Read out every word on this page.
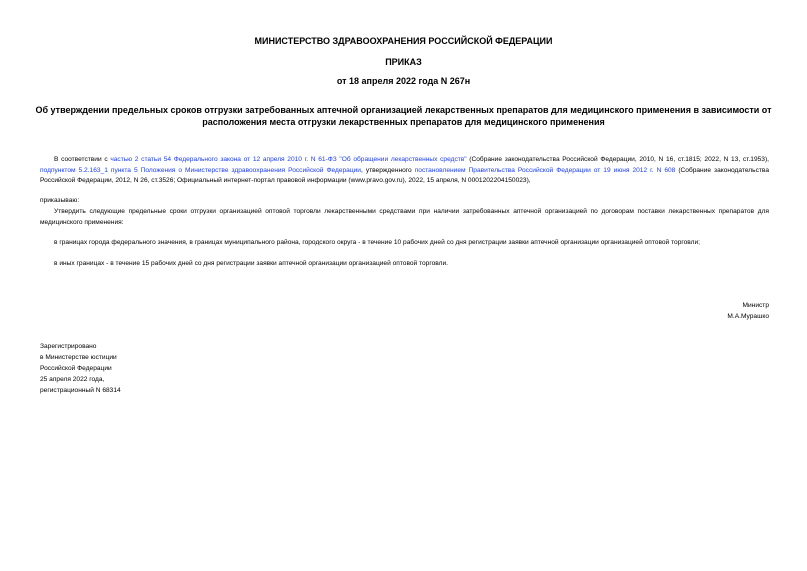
МИНИСТЕРСТВО ЗДРАВООХРАНЕНИЯ РОССИЙСКОЙ ФЕДЕРАЦИИ
ПРИКАЗ
от 18 апреля 2022 года N 267н
Об утверждении предельных сроков отгрузки затребованных аптечной организацией лекарственных препаратов для медицинского применения в зависимости от расположения места отгрузки лекарственных препаратов для медицинского применения
В соответствии с частью 2 статьи 54 Федерального закона от 12 апреля 2010 г. N 61-ФЗ "Об обращении лекарственных средств" (Собрание законодательства Российской Федерации, 2010, N 16, ст.1815; 2022, N 13, ст.1953), подпунктом 5.2.163_1 пункта 5 Положения о Министерстве здравоохранения Российской Федерации, утвержденного постановлением Правительства Российской Федерации от 19 июня 2012 г. N 608 (Собрание законодательства Российской Федерации, 2012, N 26, ст.3526; Официальный интернет-портал правовой информации (www.pravo.gov.ru), 2022, 15 апреля, N 0001202204150023),
приказываю:
Утвердить следующие предельные сроки отгрузки организацией оптовой торговли лекарственными средствами при наличии затребованных аптечной организацией по договорам поставки лекарственных препаратов для медицинского применения:
в границах города федерального значения, в границах муниципального района, городского округа - в течение 10 рабочих дней со дня регистрации заявки аптечной организации организацией оптовой торговли;
в иных границах - в течение 15 рабочих дней со дня регистрации заявки аптечной организации организацией оптовой торговли.
Министр
М.А.Мурашко
Зарегистрировано
в Министерстве юстиции
Российской Федерации
25 апреля 2022 года,
регистрационный N 68314
